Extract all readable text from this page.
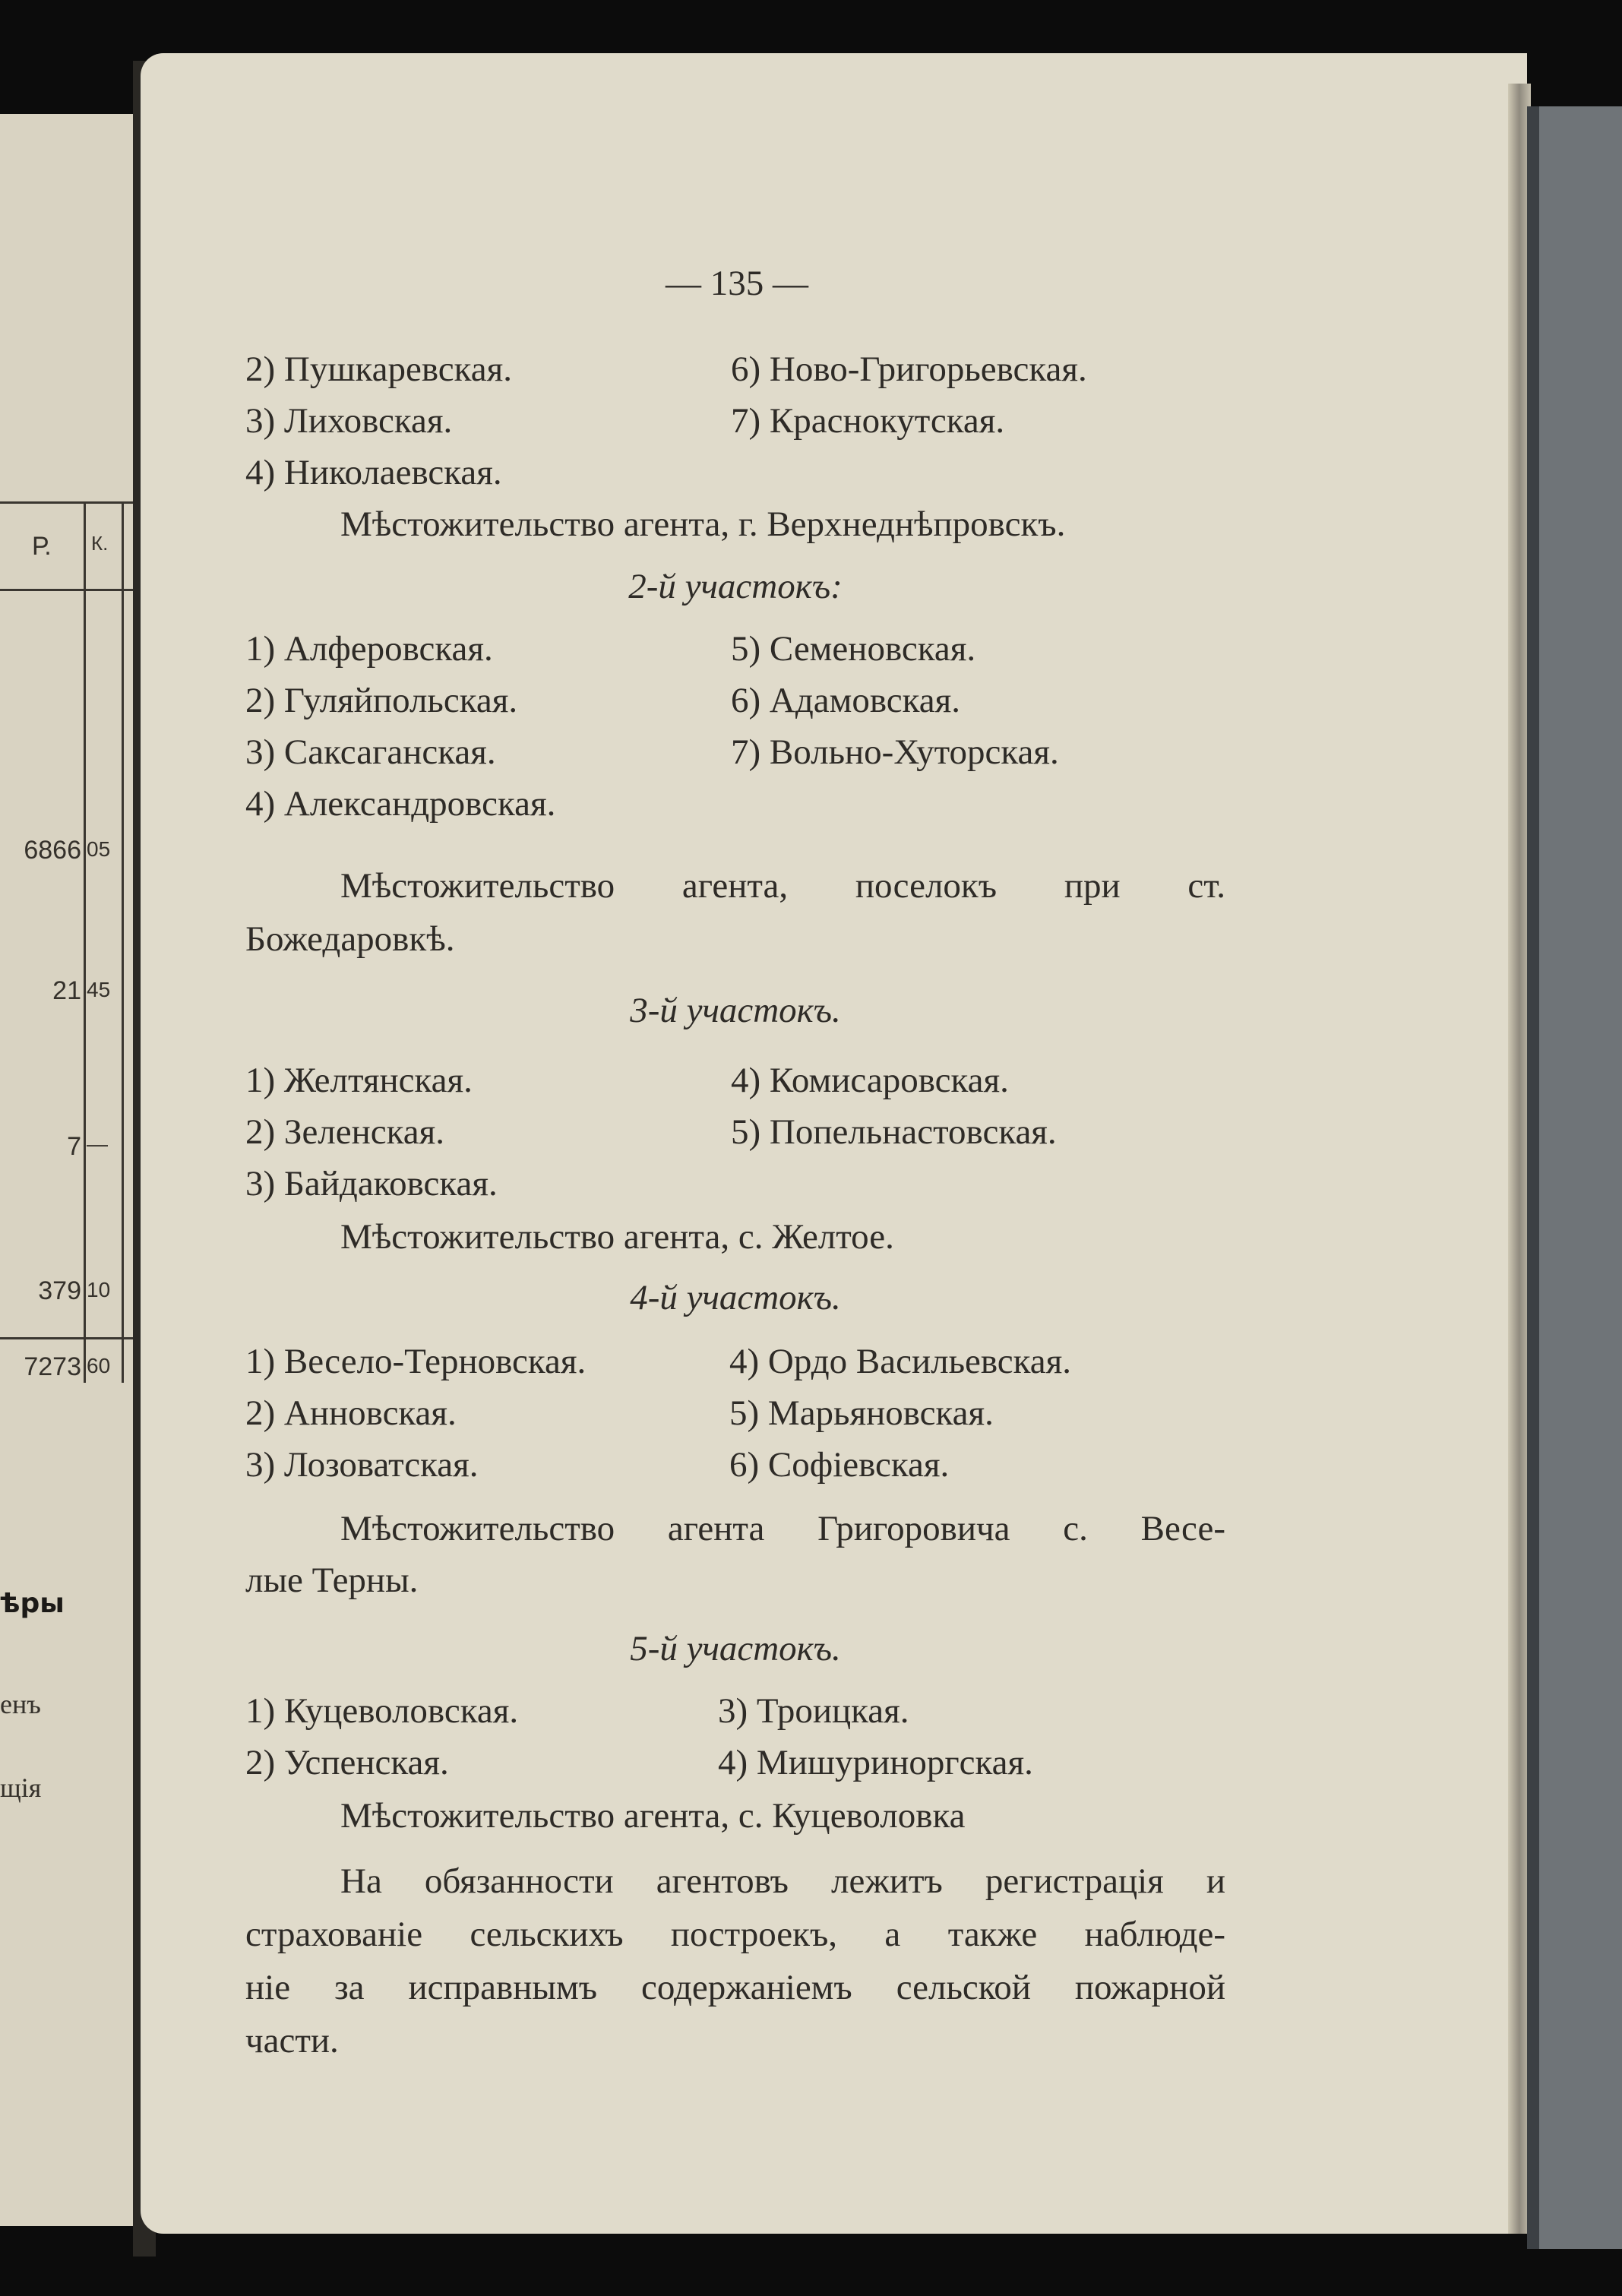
Р. К.
6866 05
21 45
7 —
379 10
7273 60
ѣры
енъ
щія
— 135 —
2) Пушкаревская.
3) Лиховская.
4) Николаевская.
6) Ново-Григорьевская.
7) Краснокутская.
Мѣстожительство агента, г. Верхнеднѣпровскъ.
2-й участокъ:
1) Алферовская.
2) Гуляйпольская.
3) Саксаганская.
4) Александровская.
5) Семеновская.
6) Адамовская.
7) Вольно-Хуторская.
Мѣстожительство агента, поселокъ при ст.
Божедаровкѣ.
3-й участокъ.
1) Желтянская.
2) Зеленская.
3) Байдаковская.
4) Комисаровская.
5) Попельнастовская.
Мѣстожительство агента, с. Желтое.
4-й участокъ.
1) Весело-Терновская.
2) Анновская.
3) Лозоватская.
4) Ордо Васильевская.
5) Марьяновская.
6) Софіевская.
Мѣстожительство агента Григоровича с. Весе-
лые Терны.
5-й участокъ.
1) Куцеволовская.
2) Успенская.
3) Троицкая.
4) Мишуриноргская.
Мѣстожительство агента, с. Куцеволовка
На обязанности агентовъ лежитъ регистрація и
страхованіе сельскихъ построекъ, а также наблюде-
ніе за исправнымъ содержаніемъ сельской пожарной
части.
